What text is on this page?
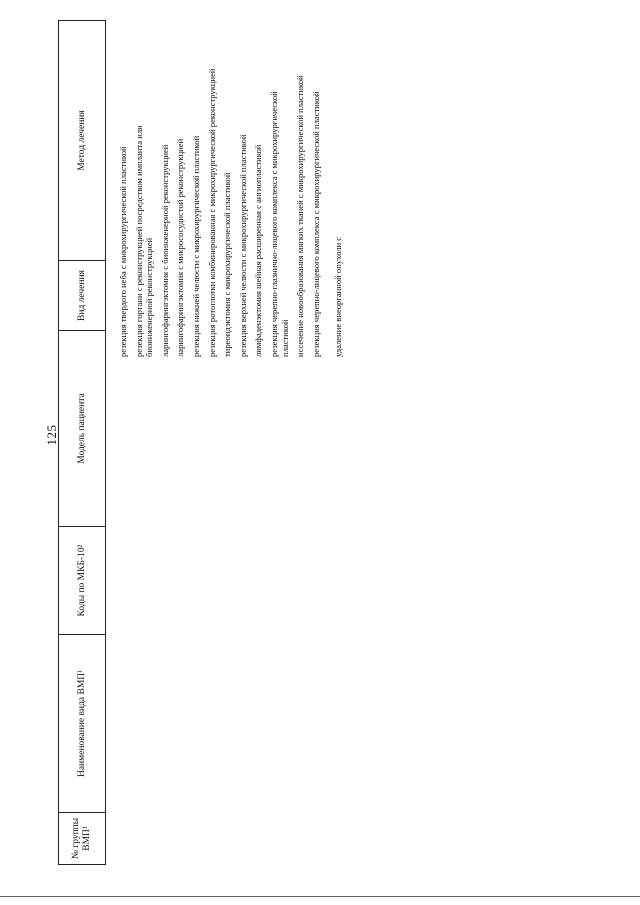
125
№ группы ВМП¹
Наименование вида ВМП¹
Коды по МКБ-10²
Модель пациента
Вид лечения
Метод лечения
резекция твердого неба с микрохирургической пластикой резекция гортани с реконструкцией посредством импланта или биоинженерной реконструкцией ларингофарингэктомия с биоинженерной реконструкцией ларингофарингэктомия с микрососудистой реконструкцией резекция нижней челюсти с микрохирургической пластикой резекция ротоглотки комбинированная с микрохирургической реконструкцией тиреоидэктомия с микрохирургической пластикой резекция верхней челюсти с микрохирургической пластикой лимфаденэктомия шейная расширенная с ангиопластикой резекция черепно-глазнично-лицевого комплекса с микрохирургической пластикой иссечение новообразования мягких тканей с микрохирургической пластикой резекция черепно-лицевого комплекса с микрохирургической пластикой удаление внеорганной опухоли с
